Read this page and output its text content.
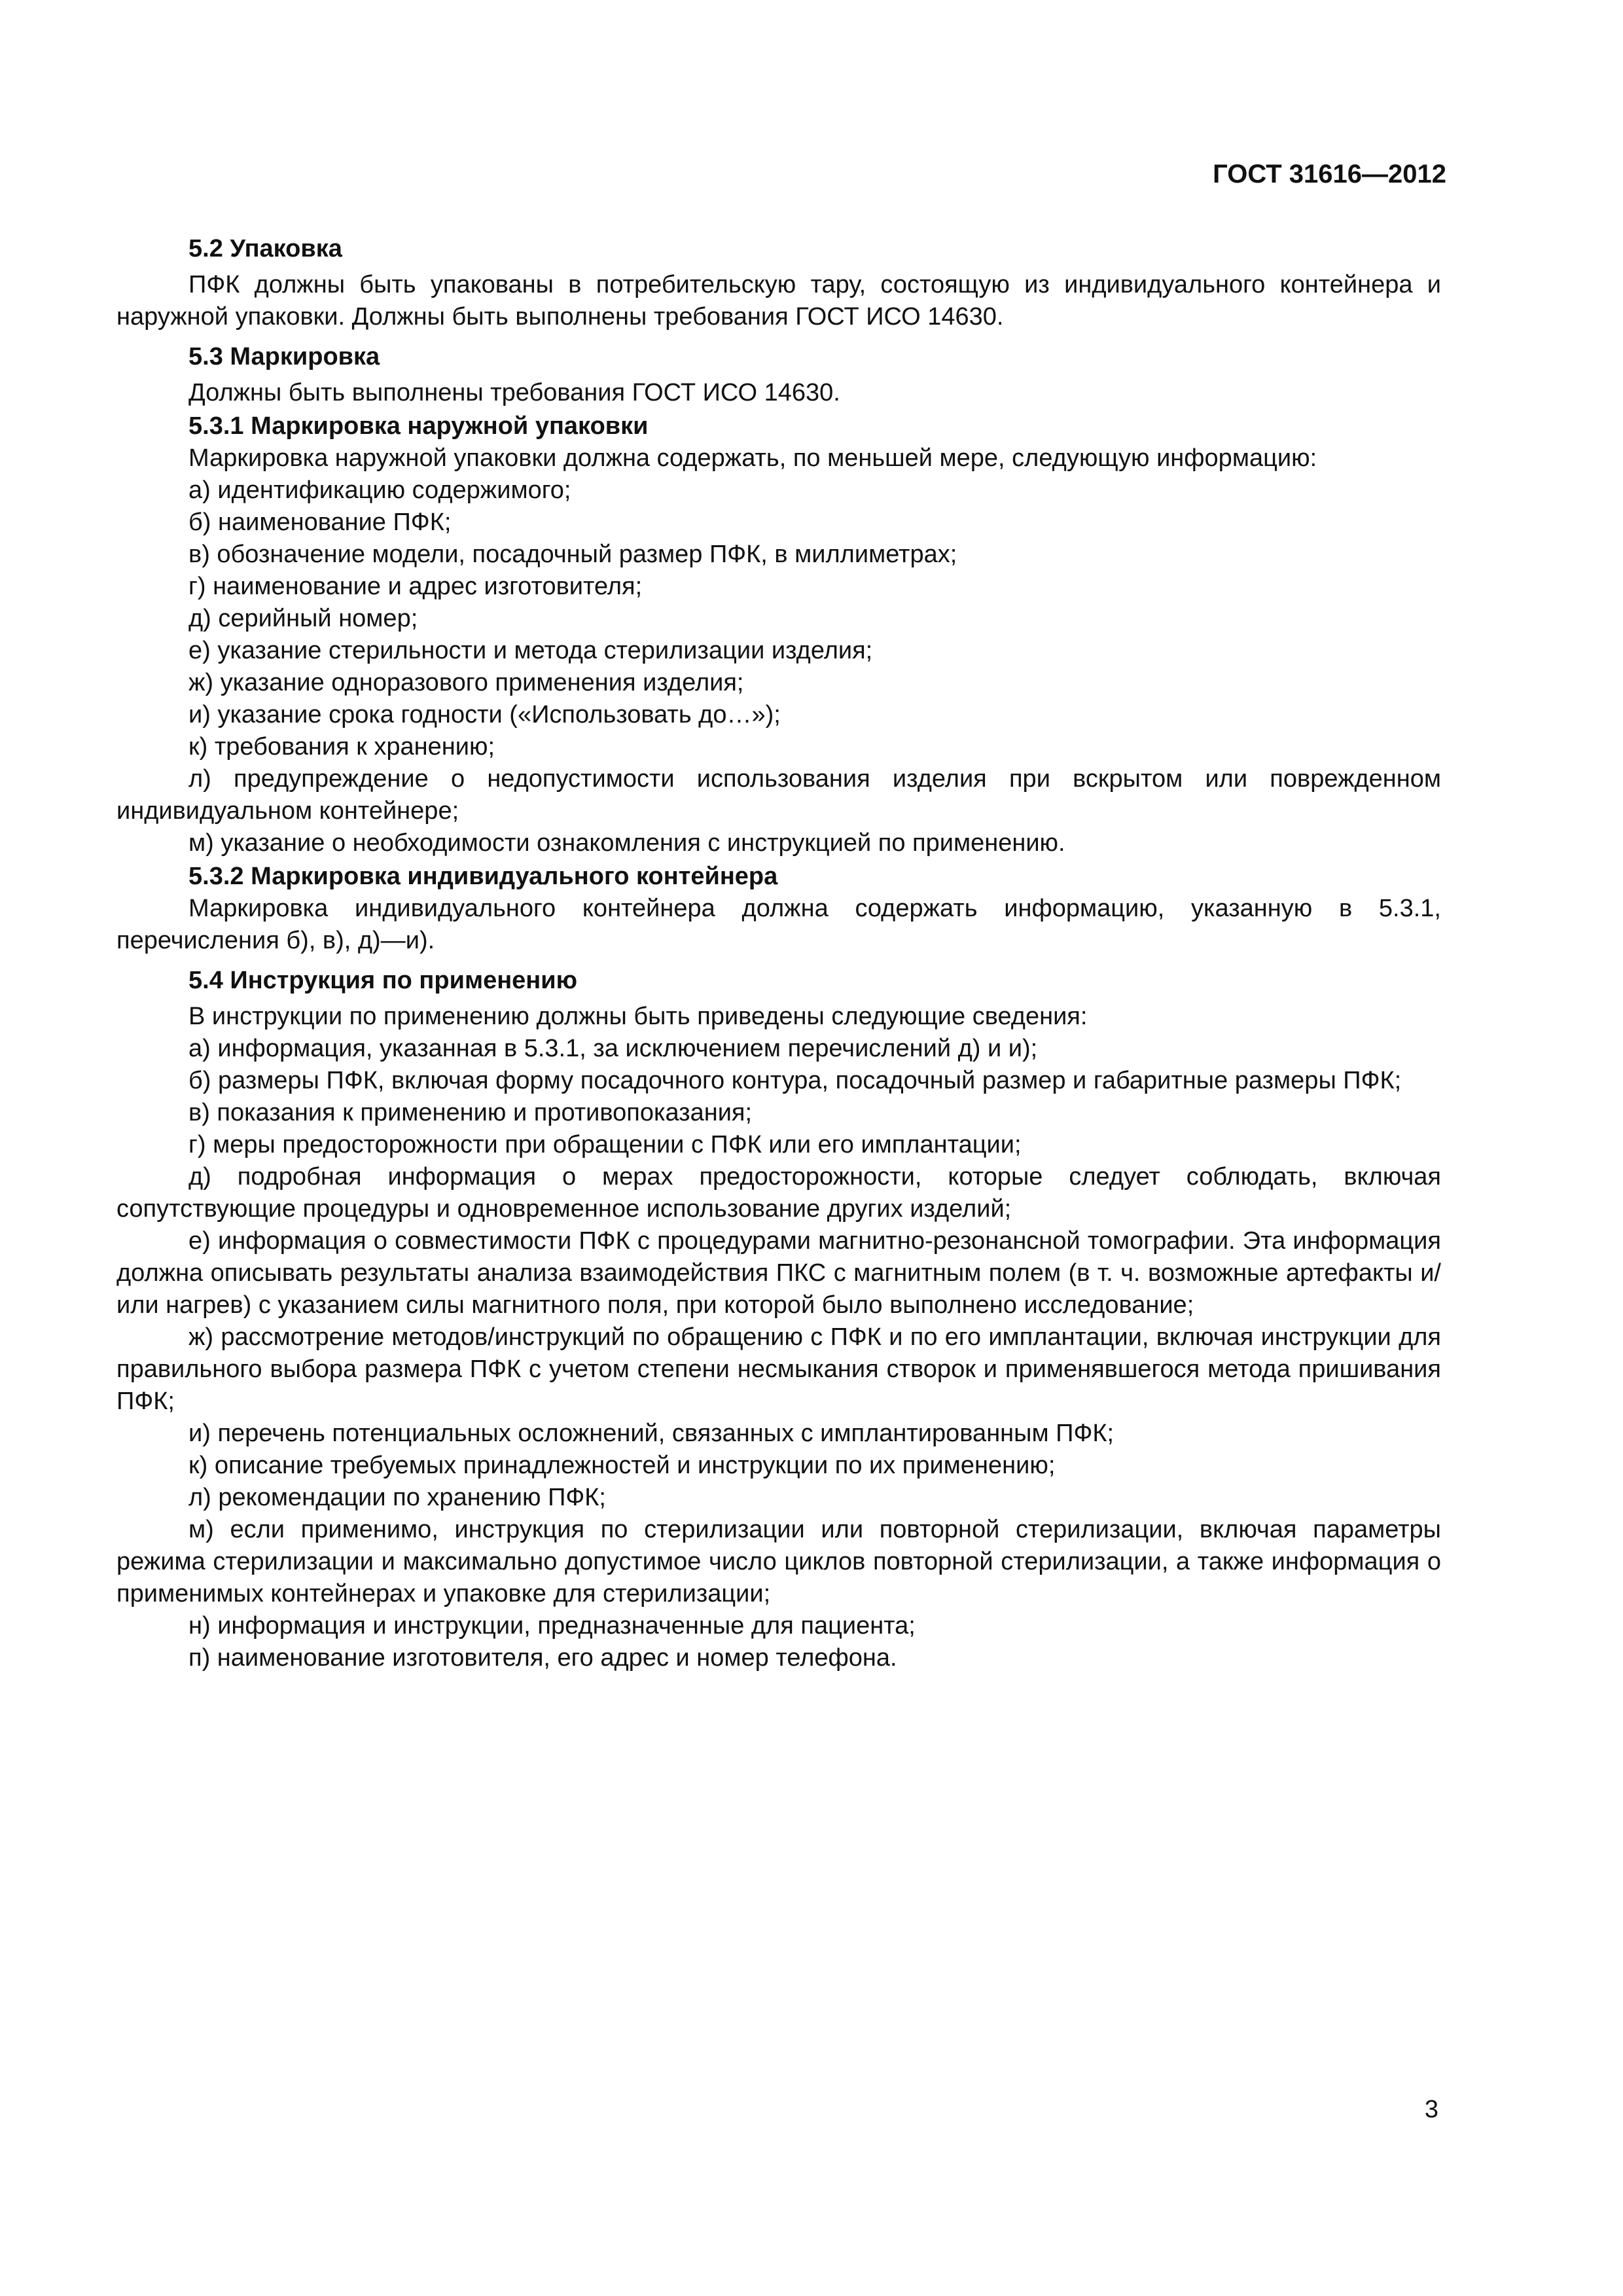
ГОСТ 31616—2012

5.2 Упаковка

ПФК должны быть упакованы в потребительскую тару, состоящую из индивидуального контейнера и наружной упаковки. Должны быть выполнены требования ГОСТ ИСО 14630.

5.3 Маркировка

Должны быть выполнены требования ГОСТ ИСО 14630.

5.3.1 Маркировка наружной упаковки

Маркировка наружной упаковки должна содержать, по меньшей мере, следующую информацию:

а) идентификацию содержимого;

б) наименование ПФК;

в) обозначение модели, посадочный размер ПФК, в миллиметрах;

г) наименование и адрес изготовителя;

д) серийный номер;

е) указание стерильности и метода стерилизации изделия;

ж) указание одноразового применения изделия;

и) указание срока годности («Использовать до…»);

к) требования к хранению;

л) предупреждение о недопустимости использования изделия при вскрытом или поврежденном индивидуальном контейнере;

м) указание о необходимости ознакомления с инструкцией по применению.

5.3.2 Маркировка индивидуального контейнера

Маркировка индивидуального контейнера должна содержать информацию, указанную в 5.3.1, перечисления б), в), д)—и).

5.4 Инструкция по применению

В инструкции по применению должны быть приведены следующие сведения:

а) информация, указанная в 5.3.1, за исключением перечислений д) и и);

б) размеры ПФК, включая форму посадочного контура, посадочный размер и габаритные размеры ПФК;

в) показания к применению и противопоказания;

г) меры предосторожности при обращении с ПФК или его имплантации;

д) подробная информация о мерах предосторожности, которые следует соблюдать, включая сопутствующие процедуры и одновременное использование других изделий;

е) информация о совместимости ПФК с процедурами магнитно-резонансной томографии. Эта информация должна описывать результаты анализа взаимодействия ПКС с магнитным полем (в т. ч. возможные артефакты и/или нагрев) с указанием силы магнитного поля, при которой было выполнено исследование;

ж) рассмотрение методов/инструкций по обращению с ПФК и по его имплантации, включая инструкции для правильного выбора размера ПФК с учетом степени несмыкания створок и применявшегося метода пришивания ПФК;

и) перечень потенциальных осложнений, связанных с имплантированным ПФК;

к) описание требуемых принадлежностей и инструкции по их применению;

л) рекомендации по хранению ПФК;

м) если применимо, инструкция по стерилизации или повторной стерилизации, включая параметры режима стерилизации и максимально допустимое число циклов повторной стерилизации, а также информация о применимых контейнерах и упаковке для стерилизации;

н) информация и инструкции, предназначенные для пациента;

п) наименование изготовителя, его адрес и номер телефона.

3
